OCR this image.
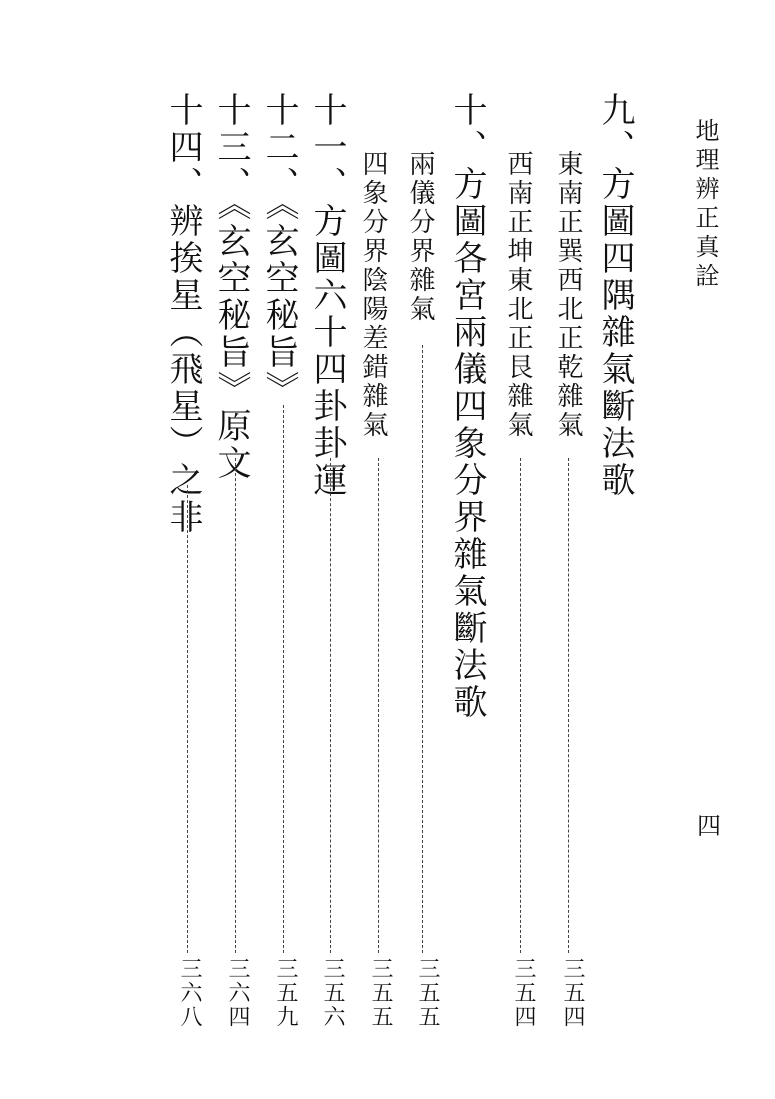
地理辨正真詮
四
九、方圖四隅雜氣斷法歌
東南正巽西北正乾雜氣
三五四
西南正坤東北正艮雜氣
三五四
十、方圖各宮兩儀四象分界雜氣斷法歌
兩儀分界雜氣
三五五
四象分界陰陽差錯雜氣
三五五
十一、方圖六十四卦卦運
三五六
十二、《玄空秘旨》
三五九
十三、《玄空秘旨》原文
三六四
十四、辨挨星（飛星）之非
三六八
